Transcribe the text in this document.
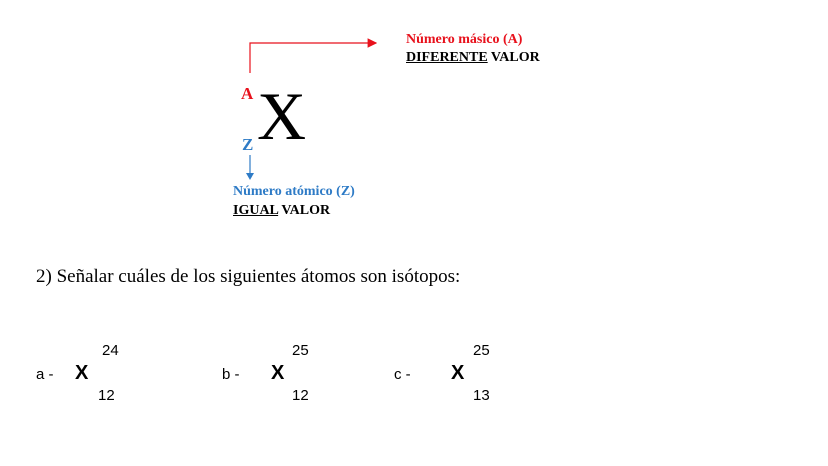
A X
Z
Número másico (A)
DIFERENTE VALOR
Número atómico (Z)
IGUAL VALOR
2) Señalar cuáles de los siguientes átomos son isótopos:
a - X
24
12
b - X
25
12
c - X
25
13
